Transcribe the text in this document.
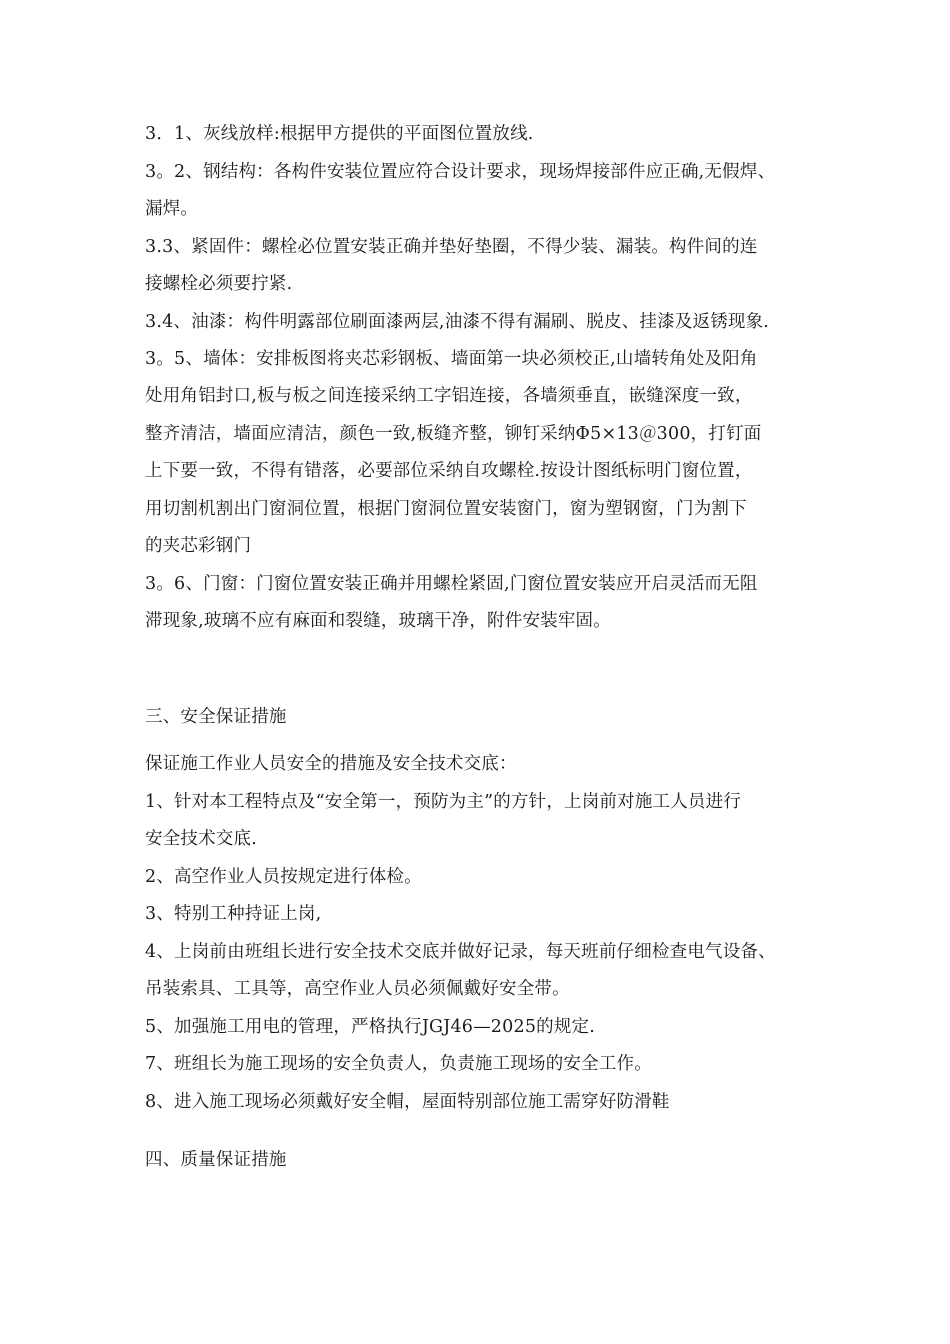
3．1、灰线放样:根据甲方提供的平面图位置放线.
3。2、钢结构：各构件安装位置应符合设计要求，现场焊接部件应正确,无假焊、
漏焊。
3.3、紧固件：螺栓必位置安装正确并垫好垫圈，不得少装、漏装。构件间的连
接螺栓必须要拧紧.
3.4、油漆：构件明露部位刷面漆两层,油漆不得有漏刷、脱皮、挂漆及返锈现象.
3。5、墙体：安排板图将夹芯彩钢板、墙面第一块必须校正,山墙转角处及阳角
处用角铝封口,板与板之间连接采纳工字铝连接，各墙须垂直，嵌缝深度一致，
整齐清洁，墙面应清洁，颜色一致,板缝齐整，铆钉采纳Φ5×13＠300，打钉面
上下要一致，不得有错落，必要部位采纳自攻螺栓.按设计图纸标明门窗位置，
用切割机割出门窗洞位置，根据门窗洞位置安装窗门，窗为塑钢窗，门为割下
的夹芯彩钢门
3。6、门窗：门窗位置安装正确并用螺栓紧固,门窗位置安装应开启灵活而无阻
滞现象,玻璃不应有麻面和裂缝，玻璃干净，附件安装牢固。
三、安全保证措施
保证施工作业人员安全的措施及安全技术交底：
1、针对本工程特点及“安全第一，预防为主”的方针，上岗前对施工人员进行
安全技术交底.
2、高空作业人员按规定进行体检。
3、特别工种持证上岗,
4、上岗前由班组长进行安全技术交底并做好记录，每天班前仔细检查电气设备、
吊装索具、工具等，高空作业人员必须佩戴好安全带。
5、加强施工用电的管理，严格执行JGJ46—2025的规定.
7、班组长为施工现场的安全负责人，负责施工现场的安全工作。
8、进入施工现场必须戴好安全帽，屋面特别部位施工需穿好防滑鞋
四、质量保证措施
